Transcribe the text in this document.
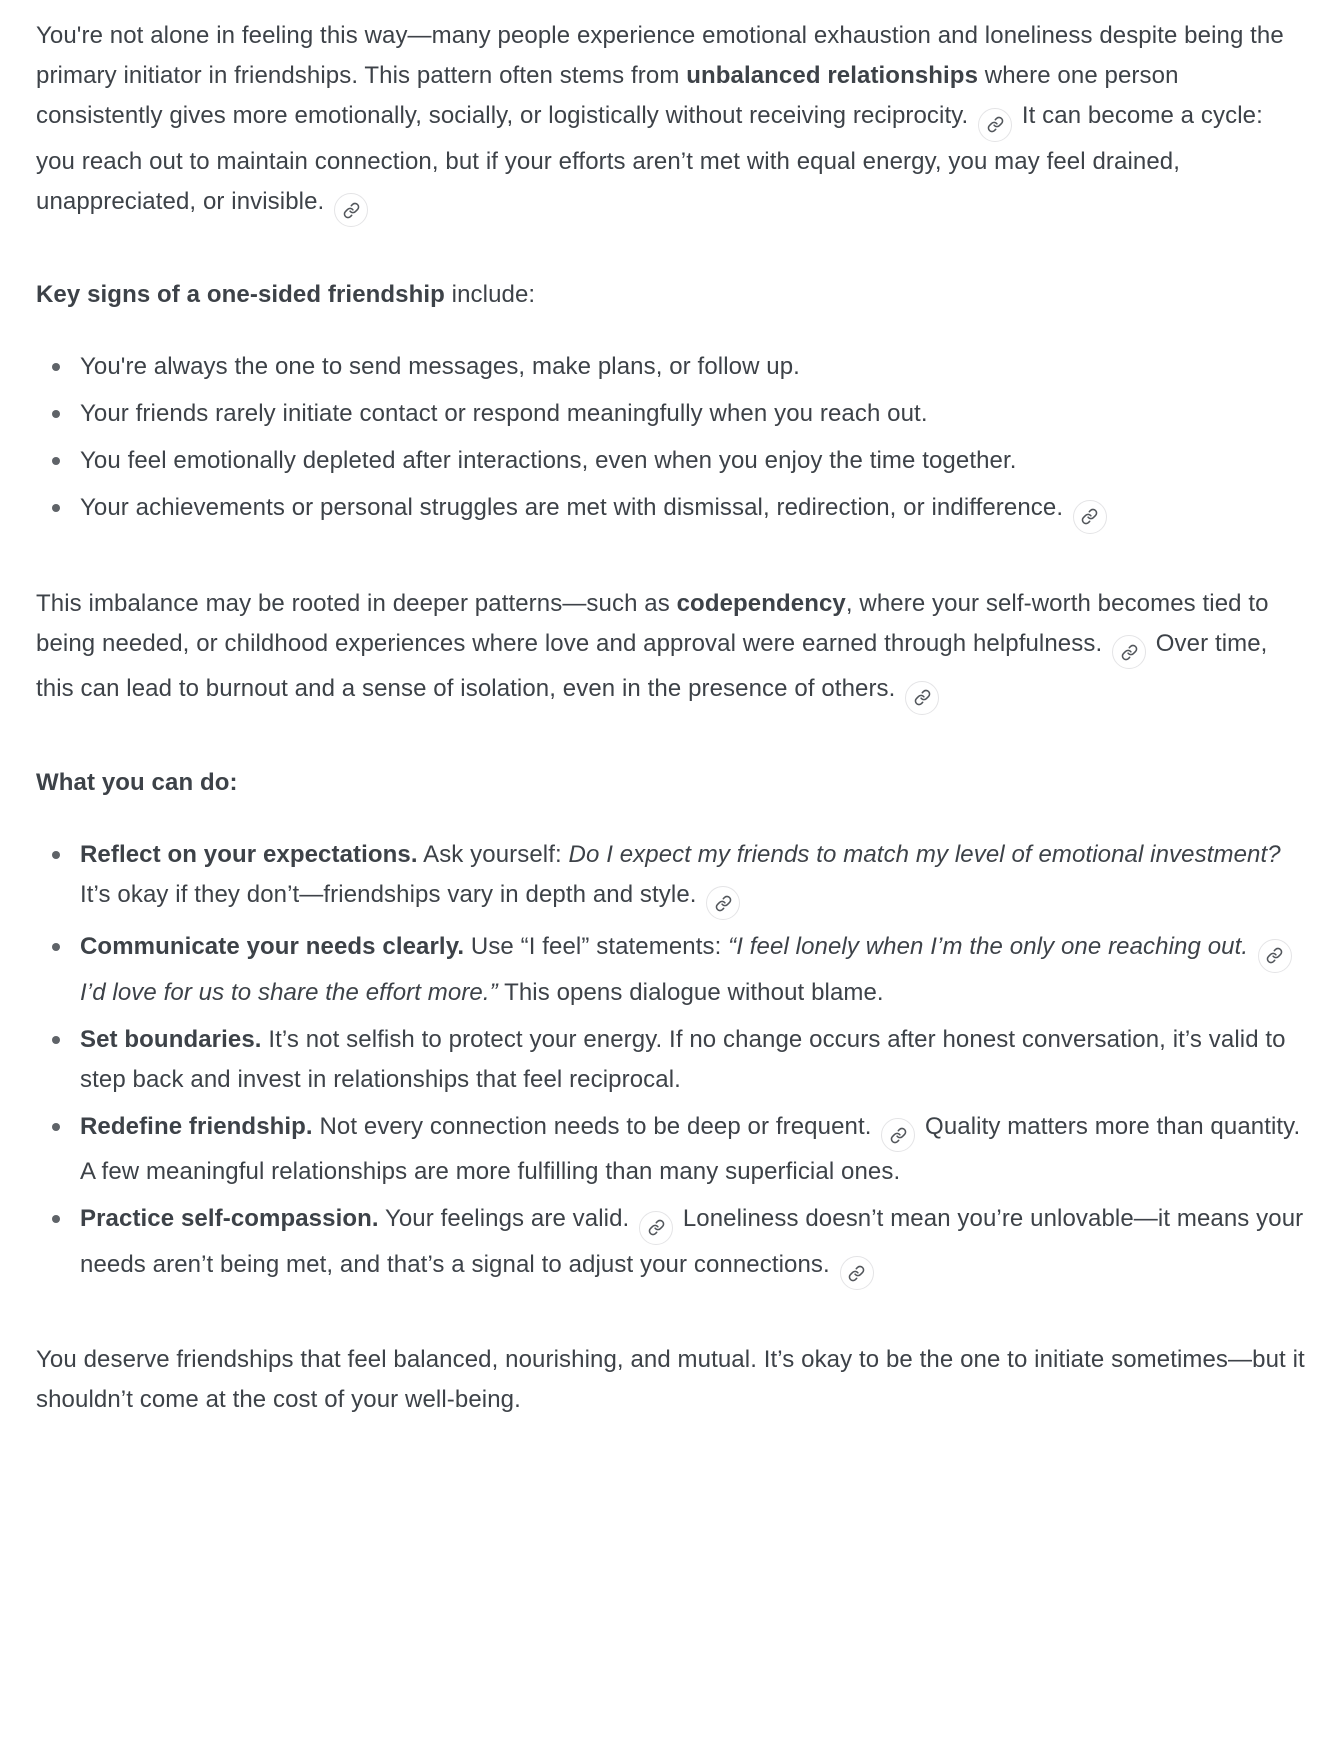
You're not alone in feeling this way—many people experience emotional exhaustion and loneliness despite being the primary initiator in friendships. This pattern often stems from unbalanced relationships where one person consistently gives more emotionally, socially, or logistically without receiving reciprocity.
It can become a cycle: you reach out to maintain connection, but if your efforts aren’t met with equal energy, you may feel drained, unappreciated, or invisible.

Key signs of a one-sided friendship include:

You're always the one to send messages, make plans, or follow up.
Your friends rarely initiate contact or respond meaningfully when you reach out.
You feel emotionally depleted after interactions, even when you enjoy the time together.
Your achievements or personal struggles are met with dismissal, redirection, or indifference.

This imbalance may be rooted in deeper patterns—such as codependency, where your self-worth becomes tied to being needed, or childhood experiences where love and approval were earned through helpfulness.
Over time, this can lead to burnout and a sense of isolation, even in the presence of others.

What you can do:

Reflect on your expectations. Ask yourself: Do I expect my friends to match my level of emotional investment? It’s okay if they don’t—friendships vary in depth and style.
Communicate your needs clearly. Use “I feel” statements: “I feel lonely when I’m the only one reaching out.
I’d love for us to share the effort more.” This opens dialogue without blame.
Set boundaries. It’s not selfish to protect your energy. If no change occurs after honest conversation, it’s valid to step back and invest in relationships that feel reciprocal.
Redefine friendship. Not every connection needs to be deep or frequent.
Quality matters more than quantity. A few meaningful relationships are more fulfilling than many superficial ones.
Practice self-compassion. Your feelings are valid.
Loneliness doesn’t mean you’re unlovable—it means your needs aren’t being met, and that’s a signal to adjust your connections.

You deserve friendships that feel balanced, nourishing, and mutual. It’s okay to be the one to initiate sometimes—but it shouldn’t come at the cost of your well-being.
